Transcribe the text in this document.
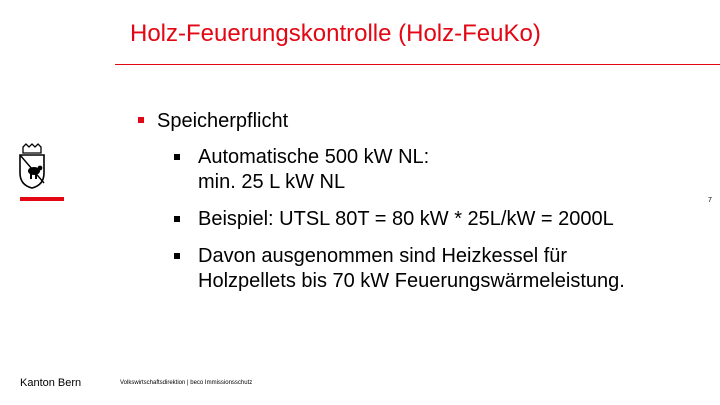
Holz-Feuerungskontrolle (Holz-FeuKo)
Speicherpflicht
Automatische 500 kW NL:
min. 25 L kW NL
Beispiel: UTSL 80T = 80 kW * 25L/kW = 2000L
Davon ausgenommen sind Heizkessel für
Holzpellets bis 70 kW Feuerungswärmeleistung.
7
Kanton Bern	Volkswirtschaftsdirektion | beco Immissionsschutz
